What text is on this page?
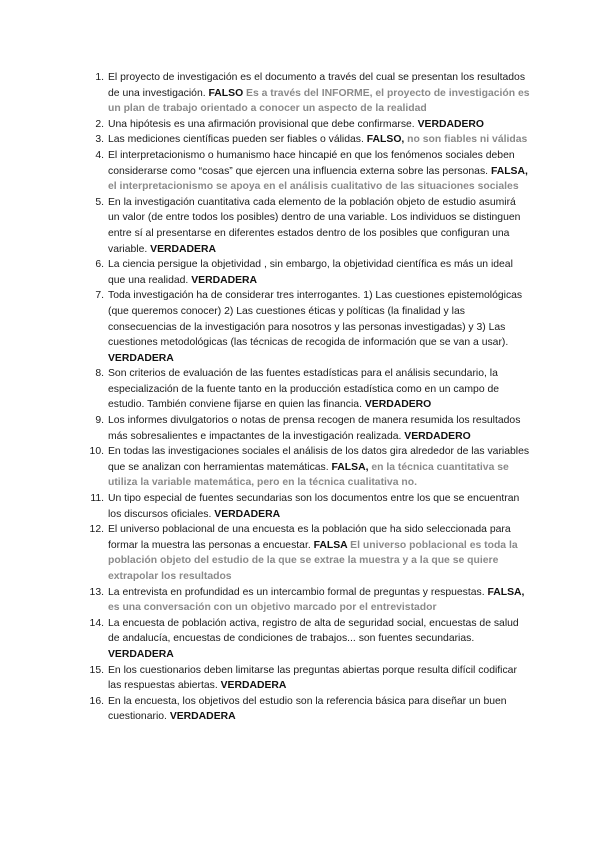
1. El proyecto de investigación es el documento a través del cual se presentan los resultados de una investigación. FALSO Es a través del INFORME, el proyecto de investigación es un plan de trabajo orientado a conocer un aspecto de la realidad
2. Una hipótesis es una afirmación provisional que debe confirmarse. VERDADERO
3. Las mediciones científicas pueden ser fiables o válidas. FALSO, no son fiables ni válidas
4. El interpretacionismo o humanismo hace hincapié en que los fenómenos sociales deben considerarse como “cosas” que ejercen una influencia externa sobre las personas. FALSA, el interpretacionismo se apoya en el análisis cualitativo de las situaciones sociales
5. En la investigación cuantitativa cada elemento de la población objeto de estudio asumirá un valor (de entre todos los posibles) dentro de una variable. Los individuos se distinguen entre sí al presentarse en diferentes estados dentro de los posibles que configuran una variable. VERDADERA
6. La ciencia persigue la objetividad , sin embargo, la objetividad científica es más un ideal que una realidad. VERDADERA
7. Toda investigación ha de considerar tres interrogantes. 1) Las cuestiones epistemológicas (que queremos conocer) 2) Las cuestiones éticas y políticas (la finalidad y las consecuencias de la investigación para nosotros y las personas investigadas) y 3) Las cuestiones metodológicas (las técnicas de recogida de información que se van a usar). VERDADERA
8. Son criterios de evaluación de las fuentes estadísticas para el análisis secundario, la especialización de la fuente tanto en la producción estadística como en un campo de estudio. También conviene fijarse en quien las financia. VERDADERO
9. Los informes divulgatorios o notas de prensa recogen de manera resumida los resultados más sobresalientes e impactantes de la investigación realizada. VERDADERO
10. En todas las investigaciones sociales el análisis de los datos gira alrededor de las variables que se analizan con herramientas matemáticas. FALSA, en la técnica cuantitativa se utiliza la variable matemática, pero en la técnica cualitativa no.
11. Un tipo especial de fuentes secundarias son los documentos entre los que se encuentran los discursos oficiales. VERDADERA
12. El universo poblacional de una encuesta es la población que ha sido seleccionada para formar la muestra las personas a encuestar. FALSA El universo poblacional es toda la población objeto del estudio de la que se extrae la muestra y a la que se quiere extrapolar los resultados
13. La entrevista en profundidad es un intercambio formal de preguntas y respuestas. FALSA, es una conversación con un objetivo marcado por el entrevistador
14. La encuesta de población activa, registro de alta de seguridad social, encuestas de salud de andalucía, encuestas de condiciones de trabajos... son fuentes secundarias. VERDADERA
15. En los cuestionarios deben limitarse las preguntas abiertas porque resulta difícil codificar las respuestas abiertas. VERDADERA
16. En la encuesta, los objetivos del estudio son la referencia básica para diseñar un buen cuestionario. VERDADERA
